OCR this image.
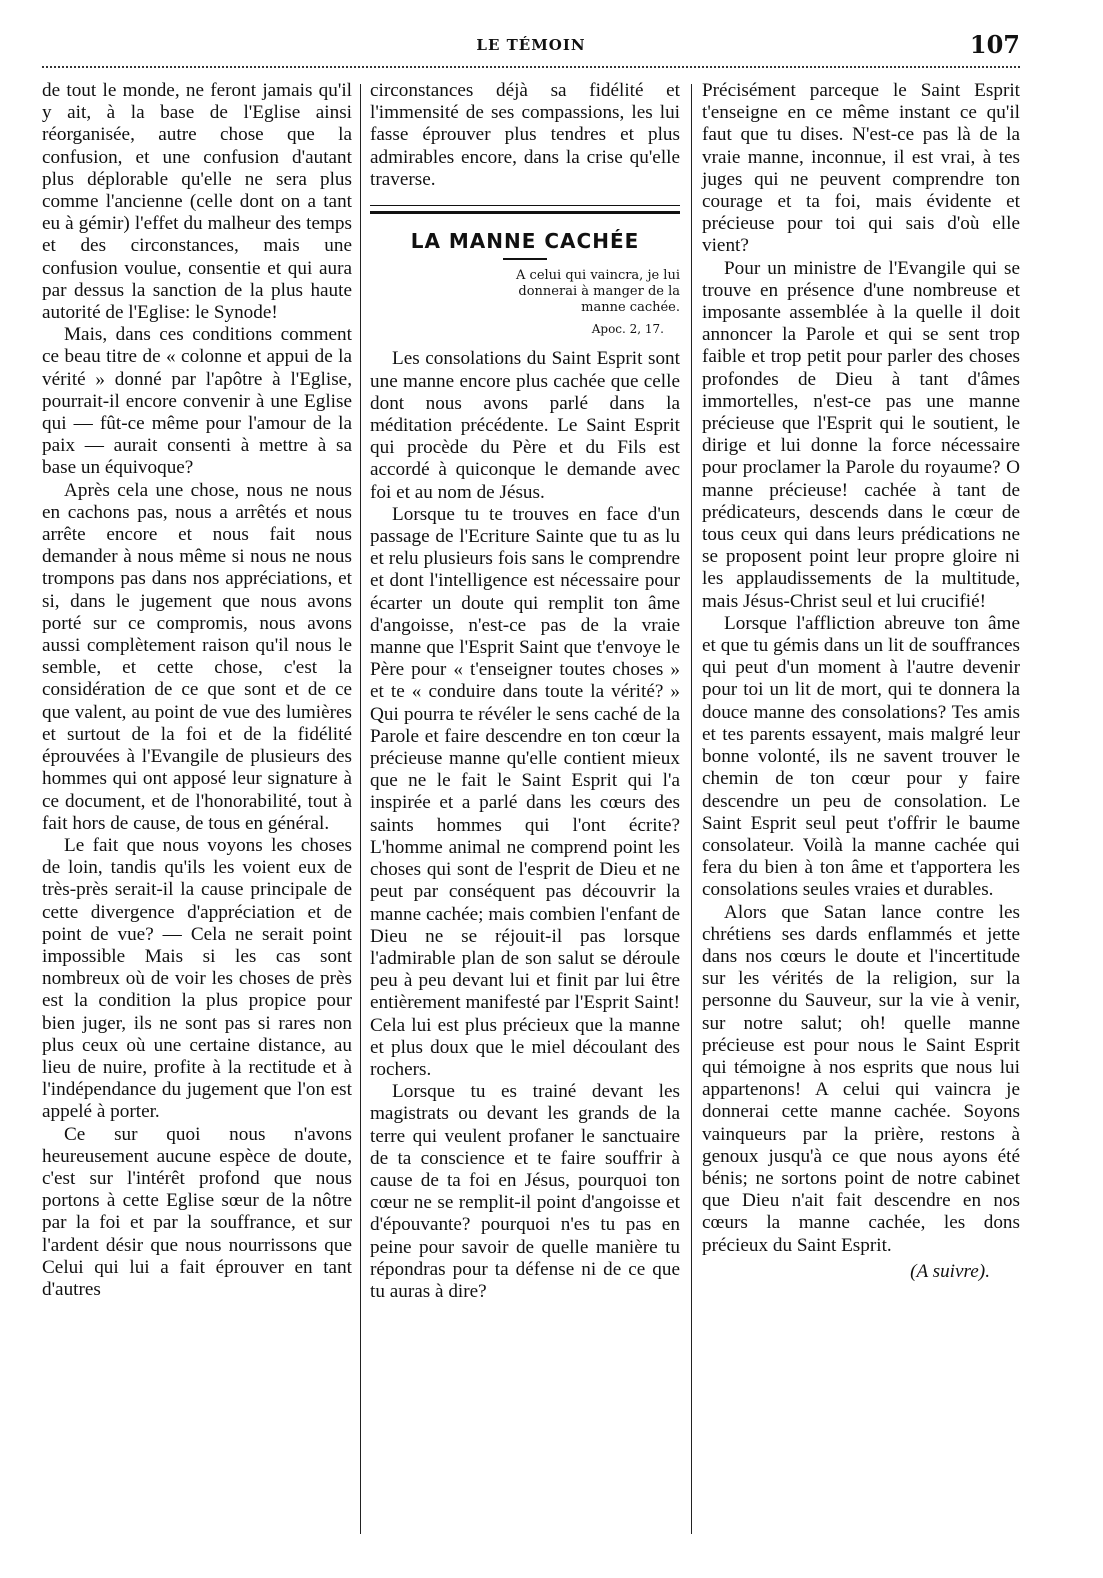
LE TÉMOIN	107

de tout le monde, ne feront jamais qu'il y ait, à la base de l'Eglise ainsi réorganisée, autre chose que la confusion, et une confusion d'autant plus déplorable qu'elle ne sera plus comme l'ancienne (celle dont on a tant eu à gémir) l'effet du malheur des temps et des circonstances, mais une confusion voulue, consentie et qui aura par dessus la sanction de la plus haute autorité de l'Eglise: le Synode!

Mais, dans ces conditions comment ce beau titre de « colonne et appui de la vérité » donné par l'apôtre à l'Eglise, pourrait-il encore convenir à une Eglise qui — fût-ce même pour l'amour de la paix — aurait consenti à mettre à sa base un équivoque?

Après cela une chose, nous ne nous en cachons pas, nous a arrêtés et nous arrête encore et nous fait nous demander à nous même si nous ne nous trompons pas dans nos appréciations, et si, dans le jugement que nous avons porté sur ce compromis, nous avons aussi complètement raison qu'il nous le semble, et cette chose, c'est la considération de ce que sont et de ce que valent, au point de vue des lumières et surtout de la foi et de la fidélité éprouvées à l'Evangile de plusieurs des hommes qui ont apposé leur signature à ce document, et de l'honorabilité, tout à fait hors de cause, de tous en général.

Le fait que nous voyons les choses de loin, tandis qu'ils les voient eux de très-près serait-il la cause principale de cette divergence d'appréciation et de point de vue? — Cela ne serait point impossible Mais si les cas sont nombreux où de voir les choses de près est la condition la plus propice pour bien juger, ils ne sont pas si rares non plus ceux où une certaine distance, au lieu de nuire, profite à la rectitude et à l'indépendance du jugement que l'on est appelé à porter.

Ce sur quoi nous n'avons heureusement aucune espèce de doute, c'est sur l'intérêt profond que nous portons à cette Eglise sœur de la nôtre par la foi et par la souffrance, et sur l'ardent désir que nous nourrissons que Celui qui lui a fait éprouver en tant d'autres

circonstances déjà sa fidélité et l'immensité de ses compassions, les lui fasse éprouver plus tendres et plus admirables encore, dans la crise qu'elle traverse.

LA MANNE CACHÉE
A celui qui vaincra, je lui donnerai à manger de la manne cachée.
Apoc. 2, 17.

Les consolations du Saint Esprit sont une manne encore plus cachée que celle dont nous avons parlé dans la méditation précédente. Le Saint Esprit qui procède du Père et du Fils est accordé à quiconque le demande avec foi et au nom de Jésus.

Lorsque tu te trouves en face d'un passage de l'Ecriture Sainte que tu as lu et relu plusieurs fois sans le comprendre et dont l'intelligence est nécessaire pour écarter un doute qui remplit ton âme d'angoisse, n'est-ce pas de la vraie manne que l'Esprit Saint que t'envoye le Père pour « t'enseigner toutes choses » et te « conduire dans toute la vérité? » Qui pourra te révéler le sens caché de la Parole et faire descendre en ton cœur la précieuse manne qu'elle contient mieux que ne le fait le Saint Esprit qui l'a inspirée et a parlé dans les cœurs des saints hommes qui l'ont écrite? L'homme animal ne comprend point les choses qui sont de l'esprit de Dieu et ne peut par conséquent pas découvrir la manne cachée; mais combien l'enfant de Dieu ne se réjouit-il pas lorsque l'admirable plan de son salut se déroule peu à peu devant lui et finit par lui être entièrement manifesté par l'Esprit Saint! Cela lui est plus précieux que la manne et plus doux que le miel découlant des rochers.

Lorsque tu es trainé devant les magistrats ou devant les grands de la terre qui veulent profaner le sanctuaire de ta conscience et te faire souffrir à cause de ta foi en Jésus, pourquoi ton cœur ne se remplit-il point d'angoisse et d'épouvante? pourquoi n'es tu pas en peine pour savoir de quelle manière tu répondras pour ta défense ni de ce que tu auras à dire?

Précisément parceque le Saint Esprit t'enseigne en ce même instant ce qu'il faut que tu dises. N'est-ce pas là de la vraie manne, inconnue, il est vrai, à tes juges qui ne peuvent comprendre ton courage et ta foi, mais évidente et précieuse pour toi qui sais d'où elle vient?

Pour un ministre de l'Evangile qui se trouve en présence d'une nombreuse et imposante assemblée à la quelle il doit annoncer la Parole et qui se sent trop faible et trop petit pour parler des choses profondes de Dieu à tant d'âmes immortelles, n'est-ce pas une manne précieuse que l'Esprit qui le soutient, le dirige et lui donne la force nécessaire pour proclamer la Parole du royaume? O manne précieuse! cachée à tant de prédicateurs, descends dans le cœur de tous ceux qui dans leurs prédications ne se proposent point leur propre gloire ni les applaudissements de la multitude, mais Jésus-Christ seul et lui crucifié!

Lorsque l'affliction abreuve ton âme et que tu gémis dans un lit de souffrances qui peut d'un moment à l'autre devenir pour toi un lit de mort, qui te donnera la douce manne des consolations? Tes amis et tes parents essayent, mais malgré leur bonne volonté, ils ne savent trouver le chemin de ton cœur pour y faire descendre un peu de consolation. Le Saint Esprit seul peut t'offrir le baume consolateur. Voilà la manne cachée qui fera du bien à ton âme et t'apportera les consolations seules vraies et durables.

Alors que Satan lance contre les chrétiens ses dards enflammés et jette dans nos cœurs le doute et l'incertitude sur les vérités de la religion, sur la personne du Sauveur, sur la vie à venir, sur notre salut; oh! quelle manne précieuse est pour nous le Saint Esprit qui témoigne à nos esprits que nous lui appartenons! A celui qui vaincra je donnerai cette manne cachée. Soyons vainqueurs par la prière, restons à genoux jusqu'à ce que nous ayons été bénis; ne sortons point de notre cabinet que Dieu n'ait fait descendre en nos cœurs la manne cachée, les dons précieux du Saint Esprit.

(A suivre).
